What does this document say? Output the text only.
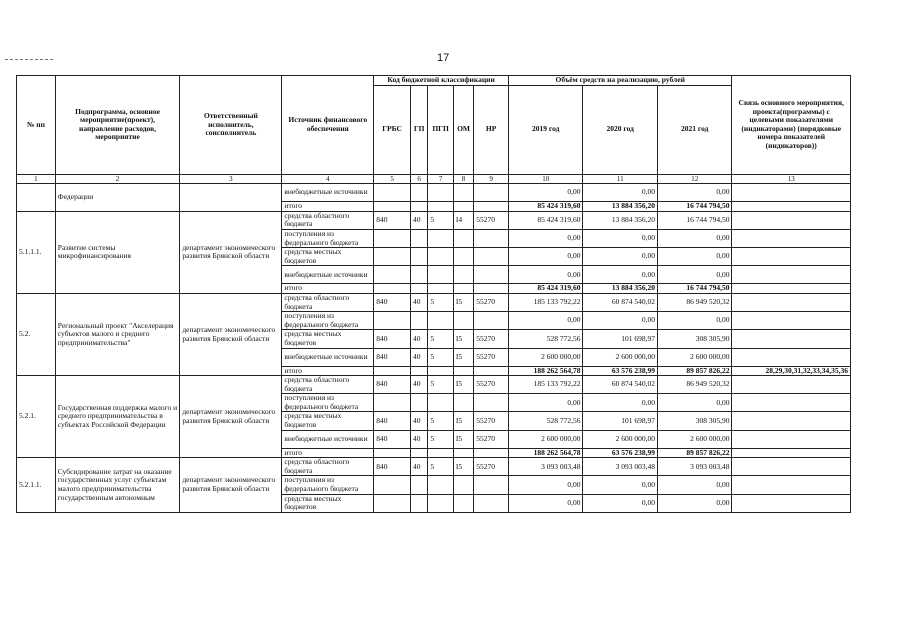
17
№ пп	Подпрограмма, основное мероприятие(проект), направление расходов, мероприятие	Ответственный исполнитель, соисполнитель	Источник финансового обеспечения	Код бюджетной классификации					Объём средств на реализацию, рублей			Связь основного мероприятия, проекта(программы) с целевыми показателями (индикаторами) (порядковые номера показателей (индикаторов))
				ГРБС	ГП	ПГП	ОМ	НР	2019 год	2020 год	2021 год	
1	2	3	4	5	6	7	8	9	10	11	12	13
	Федерации		внебюджетные источники						0,00	0,00	0,00	
			итого						85 424 319,60	13 884 356,20	16 744 794,50	
5.1.1.1.	Развитие системы микрофинансирования	департамент экономического развития Брянской области	средства областного бюджета	840	40	5	I4	55270	85 424 319,60	13 884 356,20	16 744 794,50	
			поступления из федерального бюджета						0,00	0,00	0,00	
			средства местных бюджетов						0,00	0,00	0,00	
			внебюджетные источники						0,00	0,00	0,00	
			итого						85 424 319,60	13 884 356,20	16 744 794,50	
5.2.	Региональный проект "Акселерация субъектов малого и среднего предпринимательства"	департамент экономического развития Брянской области	средства областного бюджета	840	40	5	I5	55270	185 133 792,22	60 874 540,02	86 949 520,32	
			поступления из федерального бюджета						0,00	0,00	0,00	
			средства местных бюджетов	840	40	5	I5	55270	528 772,56	101 698,97	308 305,90	
			внебюджетные источники	840	40	5	I5	55270	2 600 000,00	2 600 000,00	2 600 000,00	
			итого						188 262 564,78	63 576 238,99	89 857 826,22	28,29,30,31,32,33,34,35,36
5.2.1.	Государственная поддержка малого и среднего предпринимательства в субъектах Российской Федерации	департамент экономического развития Брянской области	средства областного бюджета	840	40	5	I5	55270	185 133 792,22	60 874 540,02	86 949 520,32	
			поступления из федерального бюджета						0,00	0,00	0,00	
			средства местных бюджетов	840	40	5	I5	55270	528 772,56	101 698,97	308 305,90	
			внебюджетные источники	840	40	5	I5	55270	2 600 000,00	2 600 000,00	2 600 000,00	
			итого						188 262 564,78	63 576 238,99	89 857 826,22	
5.2.1.1.	Субсидирование затрат на оказание государственных услуг субъектам малого предпринимательства государственным автономным	департамент экономического развития Брянской области	средства областного бюджета	840	40	5	I5	55270	3 093 003,48	3 093 003,48	3 093 003,48	
			поступления из федерального бюджета						0,00	0,00	0,00	
			средства местных бюджетов						0,00	0,00	0,00	
